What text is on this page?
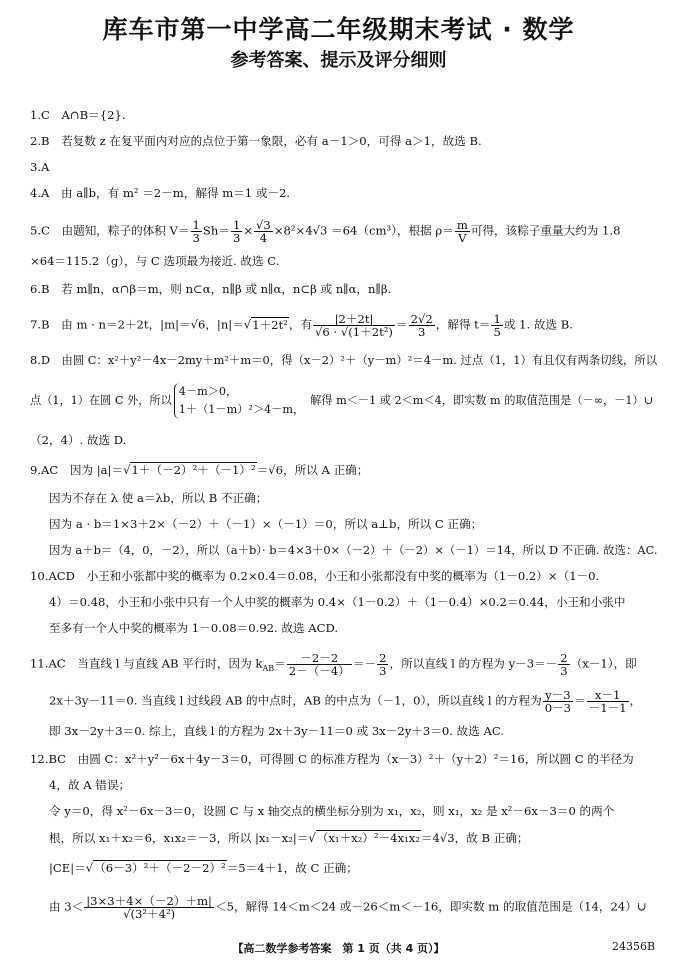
库车市第一中学高二年级期末考试 · 数学
参考答案、提示及评分细则
1.C　A∩B＝{2}.
2.B　若复数 z 在复平面内对应的点位于第一象限，必有 a－1＞0，可得 a＞1，故选 B.
3.A
4.A　由 a∥b，有 m² ＝2－m，解得 m＝1 或－2.
5.C　由题知，粽子的体积 $V= \frac{1}{3} Sh= \frac{1}{3} \times \frac{√3}{4} \times 8^2\times 4√3 =64(cm^3)$，根据 $\rho= \frac{m}{V}$ 可得，该粽子重量大约为 1.8
×64＝115.2（g），与 C 选项最为接近. 故选 C.
6.B　若 m∥n，α∩β＝m，则 n⊂α，n∥β 或 n∥α，n⊂β 或 n∥α，n∥β.
7.B　由 m · n＝2＋2t，|m|＝√6，|n|＝√1＋2t²，有 $\frac{|2+2t|}{\text{√6 · √(1＋2t²)}} = \frac{2√2}{3}$ ，解得 $t= \frac{1}{5}$ 或 1. 故选 B.
8.D　由圆 C：x²＋y²－4x－2my＋m²＋m＝0，得（x－2）²＋（y－m）²＝4－m. 过点（1，1）有且仅有两条切线，所以
点（1，1）在圆 C 外，所以
4－m＞0，
1＋（1－m）²＞4－m，
解得 m＜－1 或 2＜m＜4，即实数 m 的取值范围是（－∞，－1）∪
（2，4）. 故选 D.
9.AC　因为 |a|＝√1＋（－2）²＋（－1）²＝√6，所以 A 正确；
因为不存在 λ 使 a＝λb，所以 B 不正确；
因为 a · b＝1×3＋2×（－2）＋（－1）×（－1）＝0，所以 a⊥b，所以 C 正确；
因为 a＋b＝（4，0，－2），所以（a＋b）· b＝4×3＋0×（－2）＋（－2）×（－1）＝14，所以 D 不正确. 故选：AC.
10.ACD　小王和小张都中奖的概率为 0.2×0.4＝0.08，小王和小张都没有中奖的概率为（1－0.2）×（1－0.
4）＝0.48，小王和小张中只有一个人中奖的概率为 0.4×（1－0.2）＋（1－0.4）×0.2＝0.44，小王和小张中
至多有一个人中奖的概率为 1－0.08＝0.92. 故选 ACD.
11.AC　当直线 l 与直线 AB 平行时，因为 $k_{AB}= \frac{-2-2}{2-(-4)} =- \frac{2}{3}$ ，所以直线 l 的方程为 $y-3=- \frac{2}{3} (x-1)$，即
2x＋3y－11＝0. 当直线 l 过线段 AB 的中点时，AB 的中点为（－1，0），所以直线 l 的方程为 $\frac{y-3}{0-3} = \frac{x-1}{-1-1}$ ，
即 3x－2y＋3＝0. 综上，直线 l 的方程为 2x＋3y－11＝0 或 3x－2y＋3＝0. 故选 AC.
12.BC　由圆 C：x²＋y²－6x＋4y－3＝0，可得圆 C 的标准方程为（x－3）²＋（y＋2）²＝16，所以圆 C 的半径为
4，故 A 错误；
令 y＝0，得 x²－6x－3＝0，设圆 C 与 x 轴交点的横坐标分别为 x₁，x₂，则 x₁，x₂ 是 x²－6x－3＝0 的两个
根，所以 x₁＋x₂＝6，x₁x₂＝－3，所以 |x₁－x₂|＝√（x₁＋x₂）²－4x₁x₂＝4√3，故 B 正确；
|CE|＝√（6－3）²＋（－2－2）²＝5＝4＋1，故 C 正确；
由 $3< \frac{|3\times 3+4\times(-2)+m|}{\text{√(3²＋4²)}} <5$，解得 14＜m＜24 或－26＜m＜－16，即实数 m 的取值范围是（14，24）∪
【高二数学参考答案　第 1 页（共 4 页）】	24356B
